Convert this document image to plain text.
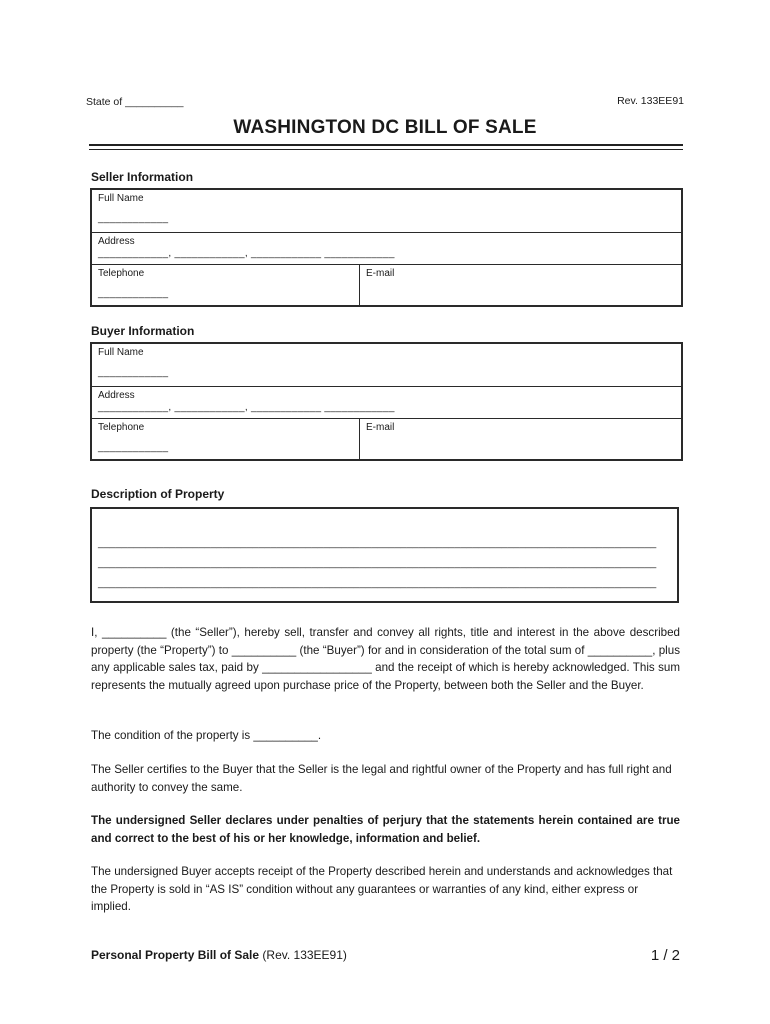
State of __________	Rev. 133EE91
WASHINGTON DC BILL OF SALE
Seller Information
Full Name
____________
Address
____________, ____________, ____________ ____________
Telephone
____________
E-mail
Buyer Information
Full Name
____________
Address
____________, ____________, ____________ ____________
Telephone
____________
E-mail
Description of Property
______________________________________________________________________________________________
______________________________________________________________________________________________
______________________________________________________________________________________________
I, __________ (the “Seller”), hereby sell, transfer and convey all rights, title and interest in the above described property (the “Property”) to __________ (the “Buyer”) for and in consideration of the total sum of __________, plus any applicable sales tax, paid by _________________ and the receipt of which is hereby acknowledged. This sum represents the mutually agreed upon purchase price of the Property, between both the Seller and the Buyer.
The condition of the property is __________.
The Seller certifies to the Buyer that the Seller is the legal and rightful owner of the Property and has full right and authority to convey the same.
The undersigned Seller declares under penalties of perjury that the statements herein contained are true and correct to the best of his or her knowledge, information and belief.
The undersigned Buyer accepts receipt of the Property described herein and understands and acknowledges that the Property is sold in “AS IS” condition without any guarantees or warranties of any kind, either express or implied.
Personal Property Bill of Sale (Rev. 133EE91)	1 / 2
